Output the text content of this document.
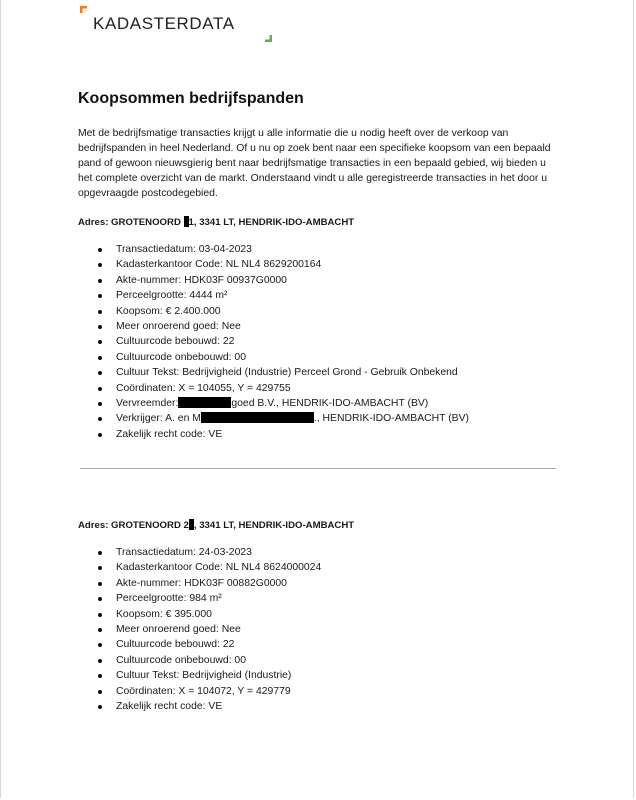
KADASTERDATA
Koopsommen bedrijfspanden

Met de bedrijfsmatige transacties krijgt u alle informatie die u nodig heeft over de verkoop van bedrijfspanden in heel Nederland. Of u nu op zoek bent naar een specifieke koopsom van een bepaald pand of gewoon nieuwsgierig bent naar bedrijfsmatige transacties in een bepaald gebied, wij bieden u het complete overzicht van de markt. Onderstaand vindt u alle geregistreerde transacties in het door u opgevraagde postcodegebied.

Adres: GROTENOORD 1, 3341 LT, HENDRIK-IDO-AMBACHT
Transactiedatum: 03-04-2023
Kadasterkantoor Code: NL NL4 8629200164
Akte-nummer: HDK03F 00937G0000
Perceelgrootte: 4444 m²
Koopsom: € 2.400.000
Meer onroerend goed: Nee
Cultuurcode bebouwd: 22
Cultuurcode onbebouwd: 00
Cultuur Tekst: Bedrijvigheid (Industrie) Perceel Grond - Gebruik Onbekend
Coördinaten: X = 104055, Y = 429755
Vervreemder:	goed B.V., HENDRIK-IDO-AMBACHT (BV)
Verkrijger: A. en M	., HENDRIK-IDO-AMBACHT (BV)
Zakelijk recht code: VE
Adres: GROTENOORD 2 , 3341 LT, HENDRIK-IDO-AMBACHT
Transactiedatum: 24-03-2023
Kadasterkantoor Code: NL NL4 8624000024
Akte-nummer: HDK03F 00882G0000
Perceelgrootte: 984 m²
Koopsom: € 395.000
Meer onroerend goed: Nee
Cultuurcode bebouwd: 22
Cultuurcode onbebouwd: 00
Cultuur Tekst: Bedrijvigheid (Industrie)
Coördinaten: X = 104072, Y = 429779
Zakelijk recht code: VE
